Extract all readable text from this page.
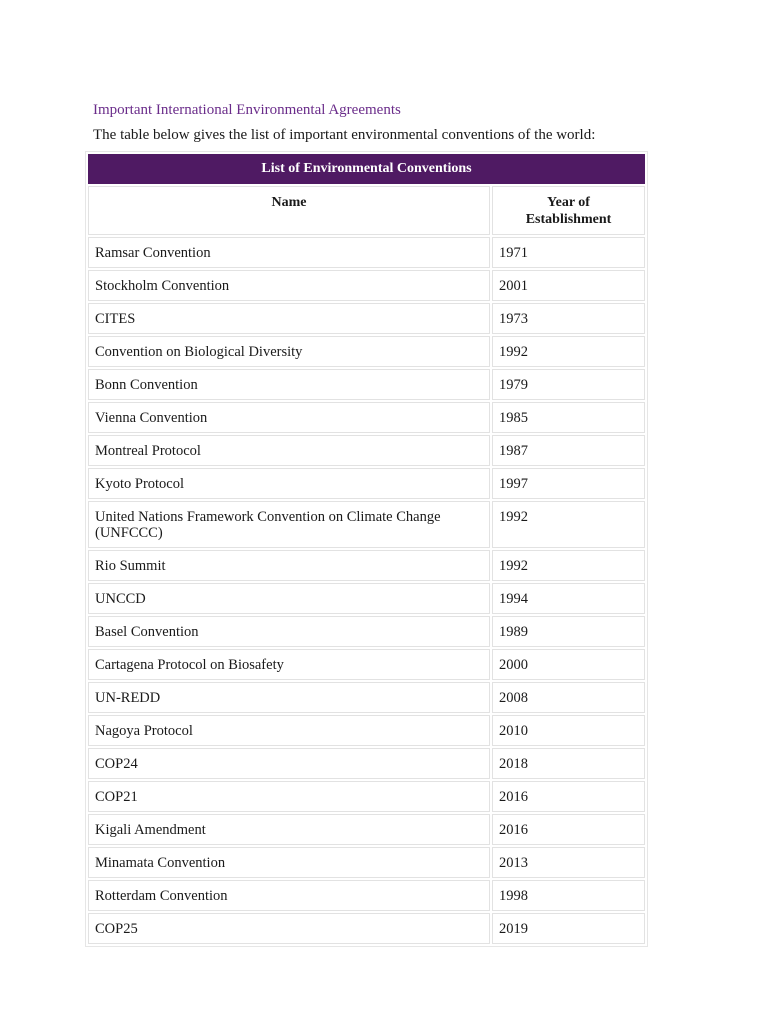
Important International Environmental Agreements
The table below gives the list of important environmental conventions of the world:
List of Environmental Conventions	
Name	Year of
Establishment
Ramsar Convention	1971
Stockholm Convention	2001
CITES	1973
Convention on Biological Diversity	1992
Bonn Convention	1979
Vienna Convention	1985
Montreal Protocol	1987
Kyoto Protocol	1997
United Nations Framework Convention on Climate Change
(UNFCCC)	1992
Rio Summit	1992
UNCCD	1994
Basel Convention	1989
Cartagena Protocol on Biosafety	2000
UN-REDD	2008
Nagoya Protocol	2010
COP24	2018
COP21	2016
Kigali Amendment	2016
Minamata Convention	2013
Rotterdam Convention	1998
COP25	2019
